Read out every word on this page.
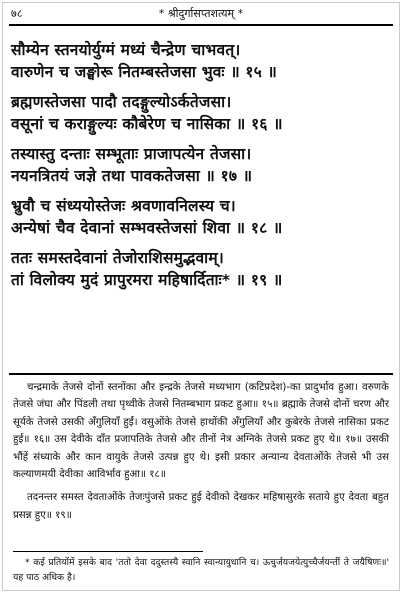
७८	* श्रीदुर्गासप्तशत्यम् *
सौम्येन स्तनयोर्युग्मं मध्यं चैन्द्रेण चाभवत्।
वारुणेन च जङ्घोरू नितम्बस्तेजसा भुवः ॥ १५ ॥
ब्रह्मणस्तेजसा पादौ तदङ्गुल्योऽर्कतेजसा।
वसूनां च कराङ्गुल्यः कौबेरेण च नासिका ॥ १६ ॥
तस्यास्तु दन्ताः सम्भूताः प्राजापत्येन तेजसा।
नयनत्रितयं जज्ञे तथा पावकतेजसा ॥ १७ ॥
भ्रुवौ च संध्ययोस्तेजः श्रवणावनिलस्य च।
अन्येषां चैव देवानां सम्भवस्तेजसां शिवा ॥ १८ ॥
ततः समस्तदेवानां तेजोराशिसमुद्भवाम्।
तां विलोक्य मुदं प्रापुरमरा महिषार्दिताः* ॥ १९ ॥

चन्द्रमाके तेजसे दोनों स्तनोंका और इन्द्रके तेजसे मध्यभाग (कटिप्रदेश)-का प्रादुर्भाव हुआ। वरुणके तेजसे जंघा और पिंडली तथा पृथ्वीके तेजसे नितम्बभाग प्रकट हुआ॥ १५॥ ब्रह्माके तेजसे दोनों चरण और सूर्यके तेजसे उसकी अँगुलियाँ हुईं। वसुओंके तेजसे हाथोंकी अँगुलियाँ और कुबेरके तेजसे नासिका प्रकट हुई॥ १६॥ उस देवीके दाँत प्रजापतिके तेजसे और तीनों नेत्र अग्निके तेजसे प्रकट हुए थे॥ १७॥ उसकी भौंहें संध्याके और कान वायुके तेजसे उत्पन्न हुए थे। इसी प्रकार अन्यान्य देवताओंके तेजसे भी उस कल्याणमयी देवीका आविर्भाव हुआ॥ १८॥

तदनन्तर समस्त देवताओंके तेजःपुंजसे प्रकट हुई देवीको देखकर महिषासुरके सताये हुए देवता बहुत प्रसन्न हुए॥ १९॥

* कई प्रतियोंमें इसके बाद 'ततो देवा ददुस्तस्यै स्वानि स्वान्यायुधानि च। ऊचुर्जयजयेत्युच्चैर्जयन्तीं ते जयैषिणः॥' यह पाठ अधिक है।
